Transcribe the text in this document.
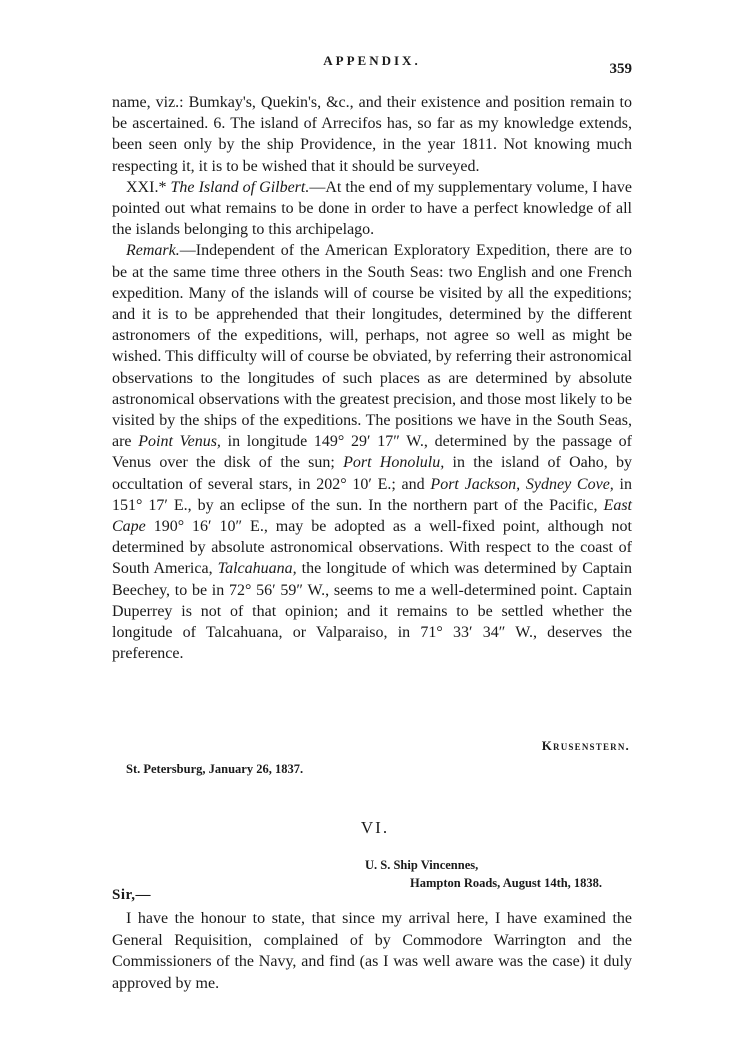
APPENDIX.
359

name, viz.: Bumkay's, Quekin's, &c., and their existence and position remain to be ascertained. 6. The island of Arrecifos has, so far as my knowledge extends, been seen only by the ship Providence, in the year 1811. Not knowing much respecting it, it is to be wished that it should be surveyed.

XXI.* The Island of Gilbert.—At the end of my supplementary volume, I have pointed out what remains to be done in order to have a perfect knowledge of all the islands belonging to this archipelago.

Remark.—Independent of the American Exploratory Expedition, there are to be at the same time three others in the South Seas: two English and one French expedition. Many of the islands will of course be visited by all the expeditions; and it is to be apprehended that their longitudes, determined by the different astronomers of the expeditions, will, perhaps, not agree so well as might be wished. This difficulty will of course be obviated, by referring their astronomical observations to the longitudes of such places as are determined by absolute astronomical observations with the greatest precision, and those most likely to be visited by the ships of the expeditions. The positions we have in the South Seas, are Point Venus, in longitude 149° 29′ 17″ W., determined by the passage of Venus over the disk of the sun; Port Honolulu, in the island of Oaho, by occultation of several stars, in 202° 10′ E.; and Port Jackson, Sydney Cove, in 151° 17′ E., by an eclipse of the sun. In the northern part of the Pacific, East Cape 190° 16′ 10″ E., may be adopted as a well-fixed point, although not determined by absolute astronomical observations. With respect to the coast of South America, Talcahuana, the longitude of which was determined by Captain Beechey, to be in 72° 56′ 59″ W., seems to me a well-determined point. Captain Duperrey is not of that opinion; and it remains to be settled whether the longitude of Talcahuana, or Valparaiso, in 71° 33′ 34″ W., deserves the preference.

Krusenstern.
St. Petersburg, January 26, 1837.
VI.
U. S. Ship Vincennes,
Hampton Roads, August 14th, 1838.
Sir,—

I have the honour to state, that since my arrival here, I have examined the General Requisition, complained of by Commodore Warrington and the Commissioners of the Navy, and find (as I was well aware was the case) it duly approved by me.
